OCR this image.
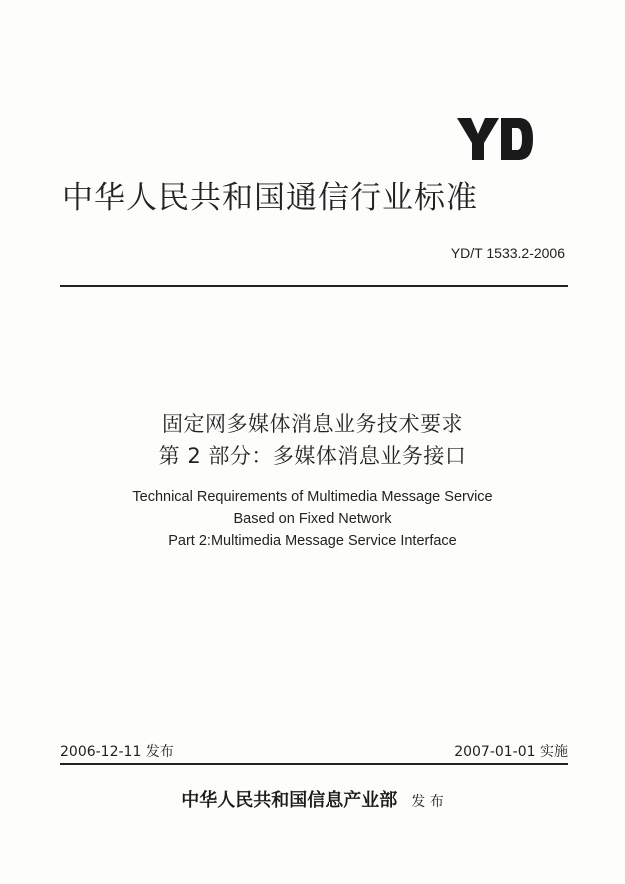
中华人民共和国通信行业标准
YD/T 1533.2-2006

固定网多媒体消息业务技术要求

第 2 部分：多媒体消息业务接口

Technical Requirements of Multimedia Message Service

Based on Fixed Network

Part 2:Multimedia Message Service Interface

2006-12-11 发布	2007-01-01 实施
中华人民共和国信息产业部 发 布
